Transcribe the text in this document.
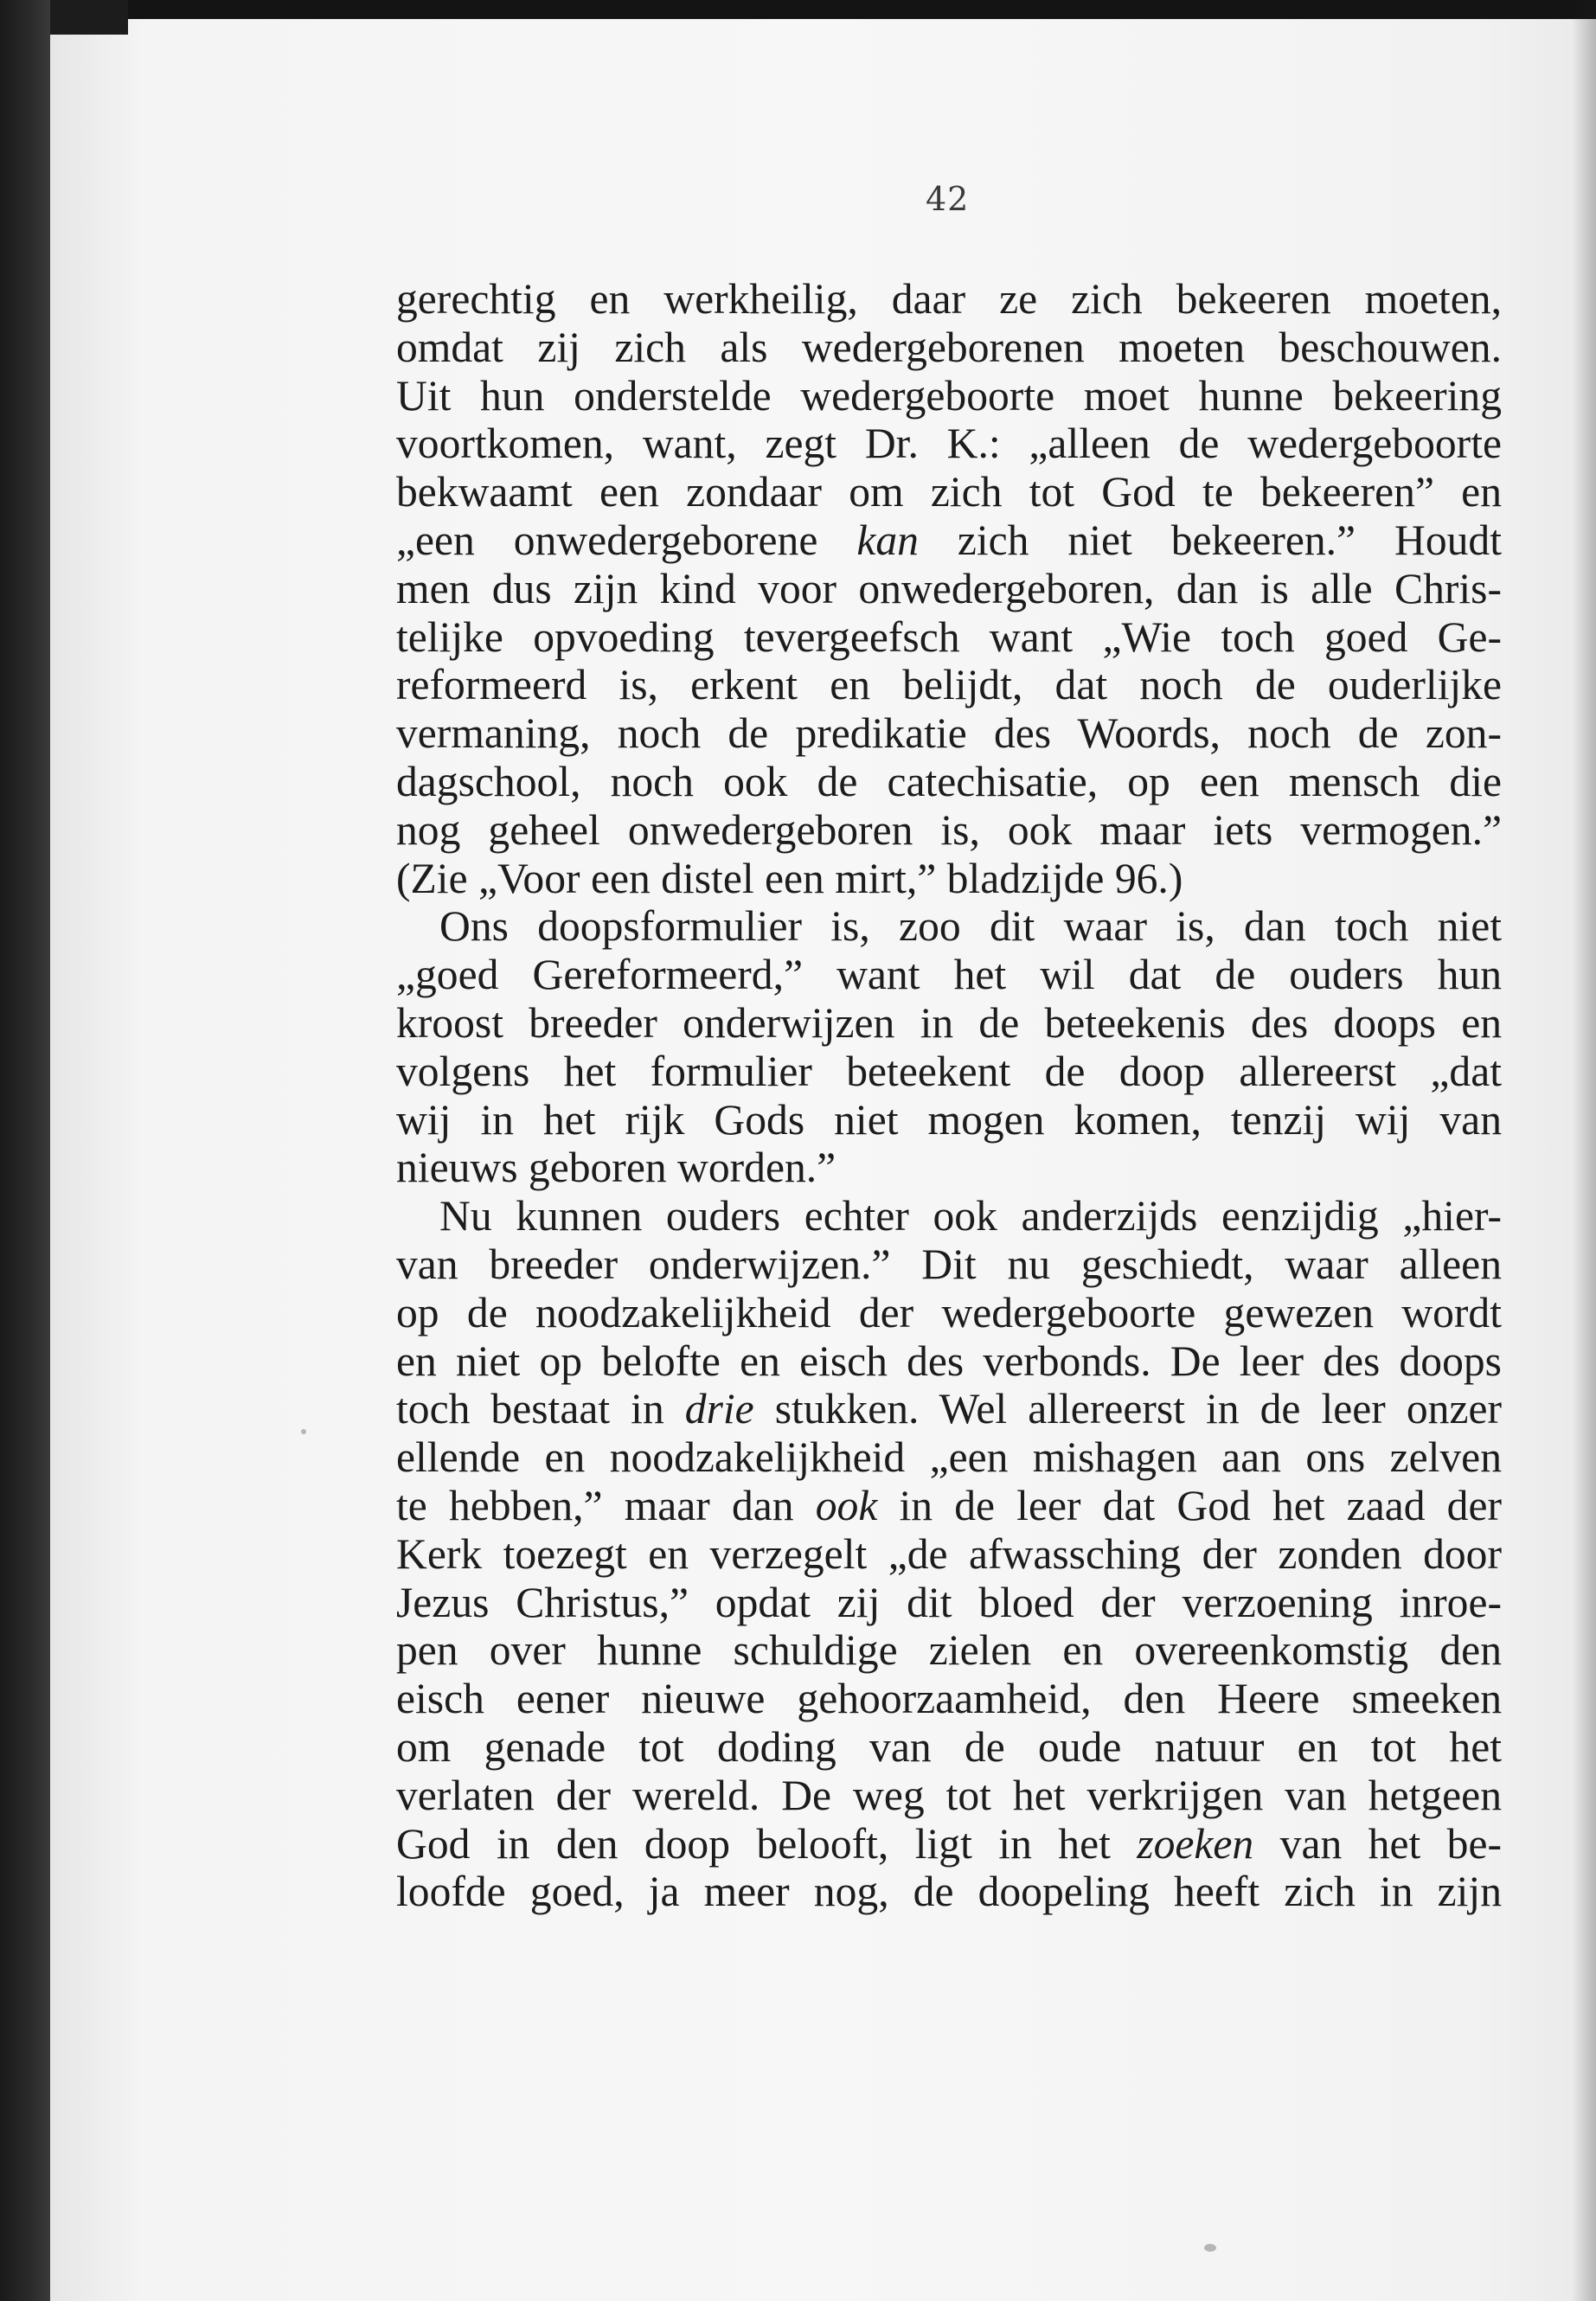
42
gerechtig en werkheilig, daar ze zich bekeeren moeten,
omdat zij zich als wedergeborenen moeten beschouwen.
Uit hun ondersteldе wedergeboorte moet hunne bekeering
voortkomen, want, zegt Dr. K.: „alleen de wedergeboorte
bekwaamt een zondaar om zich tot God te bekeeren” en
„een onwedergeborene kan zich niet bekeeren.” Houdt
men dus zijn kind voor onwedergeboren, dan is alle Chris-
telijke opvoeding tevergeefsch want „Wie toch goed Ge-
reformeerd is, erkent en belijdt, dat noch de ouderlijke
vermaning, noch de predikatie des Woords, noch de zon-
dagschool, noch ook de catechisatie, op een mensch die
nog geheel onwedergeboren is, ook maar iets vermogen.”
(Zie „Voor een distel een mirt,” bladzijde 96.)
Ons doopsformulier is, zoo dit waar is, dan toch niet
„goed Gereformeerd,” want het wil dat de ouders hun
kroost breeder onderwijzen in de beteekenis des doops en
volgens het formulier beteekent de doop allereerst „dat
wij in het rijk Gods niet mogen komen, tenzij wij van
nieuws geboren worden.”
Nu kunnen ouders echter ook anderzijds eenzijdig „hier-
van breeder onderwijzen.” Dit nu geschiedt, waar alleen
op de noodzakelijkheid der wedergeboorte gewezen wordt
en niet op belofte en eisch des verbonds. De leer des doops
toch bestaat in drie stukken. Wel allereerst in de leer onzer
ellende en noodzakelijkheid „een mishagen aan ons zelven
te hebben,” maar dan ook in de leer dat God het zaad der
Kerk toezegt en verzegelt „de afwassching der zonden door
Jezus Christus,” opdat zij dit bloed der verzoening inroe-
pen over hunne schuldige zielen en overeenkomstig den
eisch eener nieuwe gehoorzaamheid, den Heere smeeken
om genade tot doding van de oude natuur en tot het
verlaten der wereld. De weg tot het verkrijgen van hetgeen
God in den doop belooft, ligt in het zoeken van het be-
loofde goed, ja meer nog, de doopeling heeft zich in zijn
